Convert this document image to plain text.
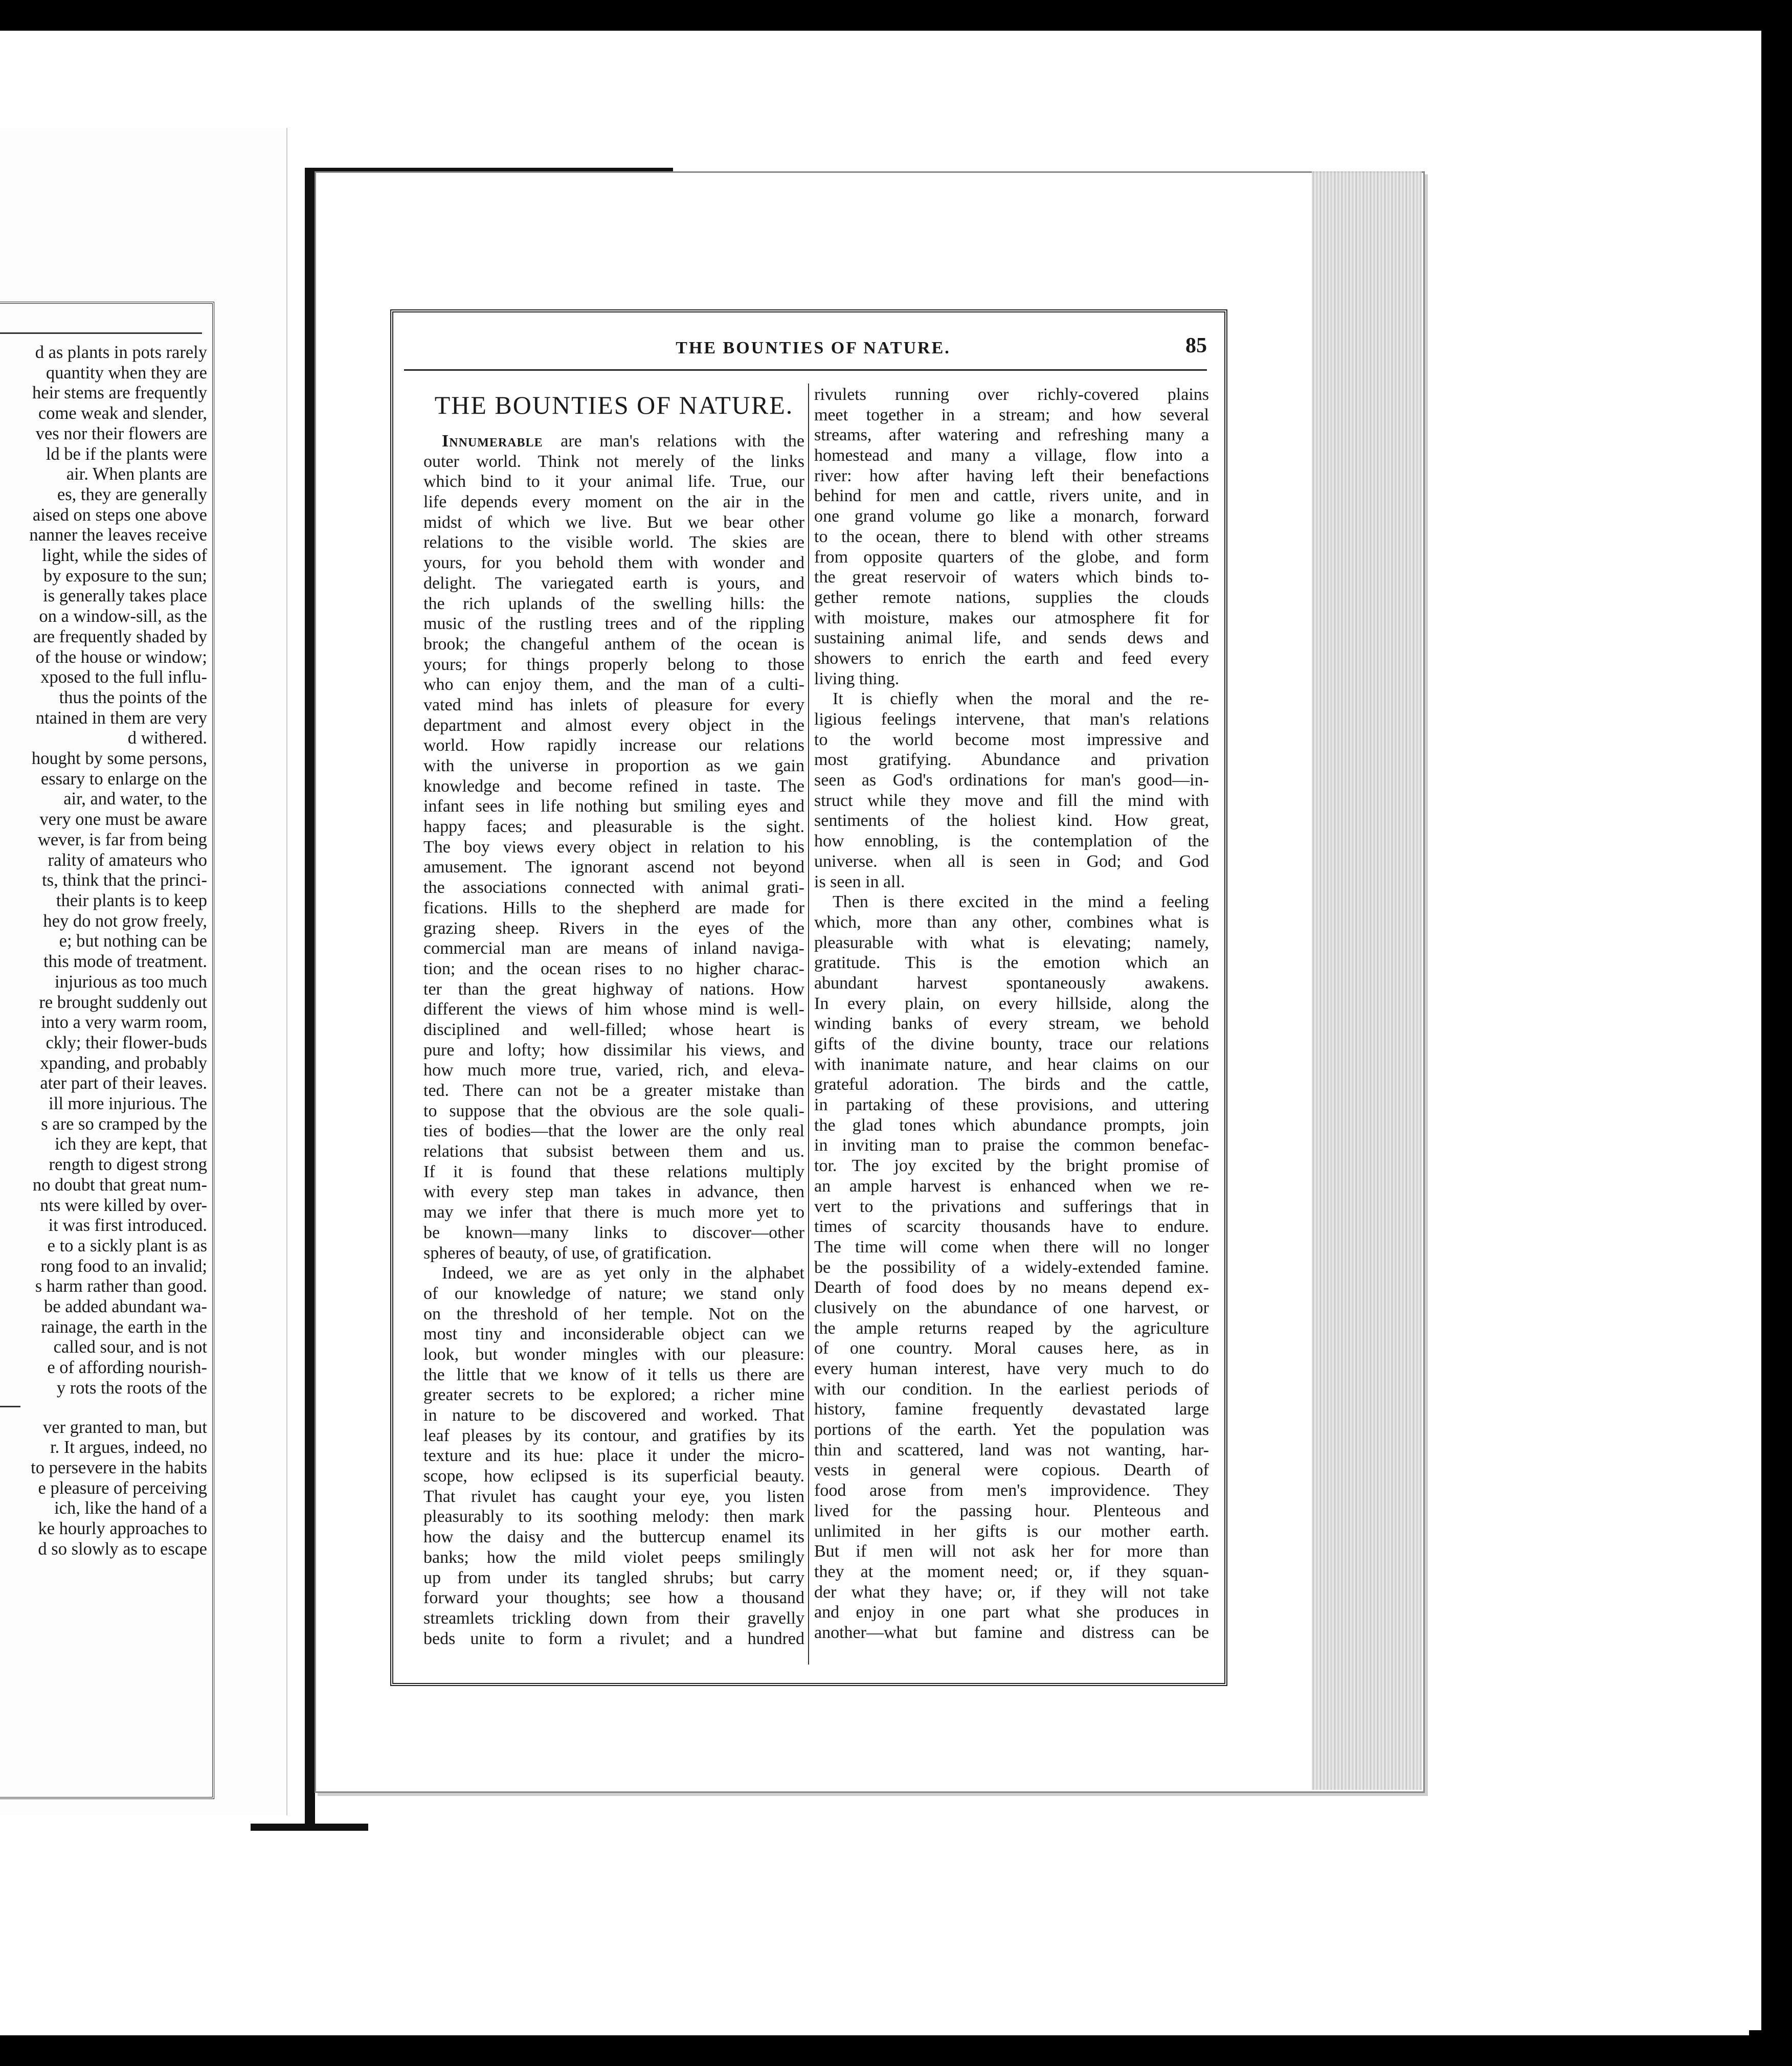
d as plants in pots rarely
quantity when they are
heir stems are frequently
come weak and slender,
ves nor their flowers are
ld be if the plants were
air. When plants are
es, they are generally
aised on steps one above
nanner the leaves receive
light, while the sides of
by exposure to the sun;
is generally takes place
on a window-sill, as the
are frequently shaded by
of the house or window;
xposed to the full influ-
thus the points of the
ntained in them are very
d withered.
hought by some persons,
essary to enlarge on the
air, and water, to the
very one must be aware
wever, is far from being
rality of amateurs who
ts, think that the princi-
their plants is to keep
hey do not grow freely,
e; but nothing can be
this mode of treatment.
injurious as too much
re brought suddenly out
into a very warm room,
ckly; their flower-buds
xpanding, and probably
ater part of their leaves.
ill more injurious. The
s are so cramped by the
ich they are kept, that
rength to digest strong
no doubt that great num-
nts were killed by over-
it was first introduced.
e to a sickly plant is as
rong food to an invalid;
s harm rather than good.
be added abundant wa-
rainage, the earth in the
called sour, and is not
e of affording nourish-
y rots the roots of the
ver granted to man, but
r. It argues, indeed, no
to persevere in the habits
e pleasure of perceiving
ich, like the hand of a
ke hourly approaches to
d so slowly as to escape
THE BOUNTIES OF NATURE.	85
THE BOUNTIES OF NATURE.
Innumerable are man's relations with the
outer world. Think not merely of the links
which bind to it your animal life. True, our
life depends every moment on the air in the
midst of which we live. But we bear other
relations to the visible world. The skies are
yours, for you behold them with wonder and
delight. The variegated earth is yours, and
the rich uplands of the swelling hills: the
music of the rustling trees and of the rippling
brook; the changeful anthem of the ocean is
yours; for things properly belong to those
who can enjoy them, and the man of a culti-
vated mind has inlets of pleasure for every
department and almost every object in the
world. How rapidly increase our relations
with the universe in proportion as we gain
knowledge and become refined in taste. The
infant sees in life nothing but smiling eyes and
happy faces; and pleasurable is the sight.
The boy views every object in relation to his
amusement. The ignorant ascend not beyond
the associations connected with animal grati-
fications. Hills to the shepherd are made for
grazing sheep. Rivers in the eyes of the
commercial man are means of inland naviga-
tion; and the ocean rises to no higher charac-
ter than the great highway of nations. How
different the views of him whose mind is well-
disciplined and well-filled; whose heart is
pure and lofty; how dissimilar his views, and
how much more true, varied, rich, and eleva-
ted. There can not be a greater mistake than
to suppose that the obvious are the sole quali-
ties of bodies—that the lower are the only real
relations that subsist between them and us.
If it is found that these relations multiply
with every step man takes in advance, then
may we infer that there is much more yet to
be known—many links to discover—other
spheres of beauty, of use, of gratification.
Indeed, we are as yet only in the alphabet
of our knowledge of nature; we stand only
on the threshold of her temple. Not on the
most tiny and inconsiderable object can we
look, but wonder mingles with our pleasure:
the little that we know of it tells us there are
greater secrets to be explored; a richer mine
in nature to be discovered and worked. That
leaf pleases by its contour, and gratifies by its
texture and its hue: place it under the micro-
scope, how eclipsed is its superficial beauty.
That rivulet has caught your eye, you listen
pleasurably to its soothing melody: then mark
how the daisy and the buttercup enamel its
banks; how the mild violet peeps smilingly
up from under its tangled shrubs; but carry
forward your thoughts; see how a thousand
streamlets trickling down from their gravelly
beds unite to form a rivulet; and a hundred
rivulets running over richly-covered plains
meet together in a stream; and how several
streams, after watering and refreshing many a
homestead and many a village, flow into a
river: how after having left their benefactions
behind for men and cattle, rivers unite, and in
one grand volume go like a monarch, forward
to the ocean, there to blend with other streams
from opposite quarters of the globe, and form
the great reservoir of waters which binds to-
gether remote nations, supplies the clouds
with moisture, makes our atmosphere fit for
sustaining animal life, and sends dews and
showers to enrich the earth and feed every
living thing.
It is chiefly when the moral and the re-
ligious feelings intervene, that man's relations
to the world become most impressive and
most gratifying. Abundance and privation
seen as God's ordinations for man's good—in-
struct while they move and fill the mind with
sentiments of the holiest kind. How great,
how ennobling, is the contemplation of the
universe. when all is seen in God; and God
is seen in all.
Then is there excited in the mind a feeling
which, more than any other, combines what is
pleasurable with what is elevating; namely,
gratitude. This is the emotion which an
abundant harvest spontaneously awakens.
In every plain, on every hillside, along the
winding banks of every stream, we behold
gifts of the divine bounty, trace our relations
with inanimate nature, and hear claims on our
grateful adoration. The birds and the cattle,
in partaking of these provisions, and uttering
the glad tones which abundance prompts, join
in inviting man to praise the common benefac-
tor. The joy excited by the bright promise of
an ample harvest is enhanced when we re-
vert to the privations and sufferings that in
times of scarcity thousands have to endure.
The time will come when there will no longer
be the possibility of a widely-extended famine.
Dearth of food does by no means depend ex-
clusively on the abundance of one harvest, or
the ample returns reaped by the agriculture
of one country. Moral causes here, as in
every human interest, have very much to do
with our condition. In the earliest periods of
history, famine frequently devastated large
portions of the earth. Yet the population was
thin and scattered, land was not wanting, har-
vests in general were copious. Dearth of
food arose from men's improvidence. They
lived for the passing hour. Plenteous and
unlimited in her gifts is our mother earth.
But if men will not ask her for more than
they at the moment need; or, if they squan-
der what they have; or, if they will not take
and enjoy in one part what she produces in
another—what but famine and distress can be
